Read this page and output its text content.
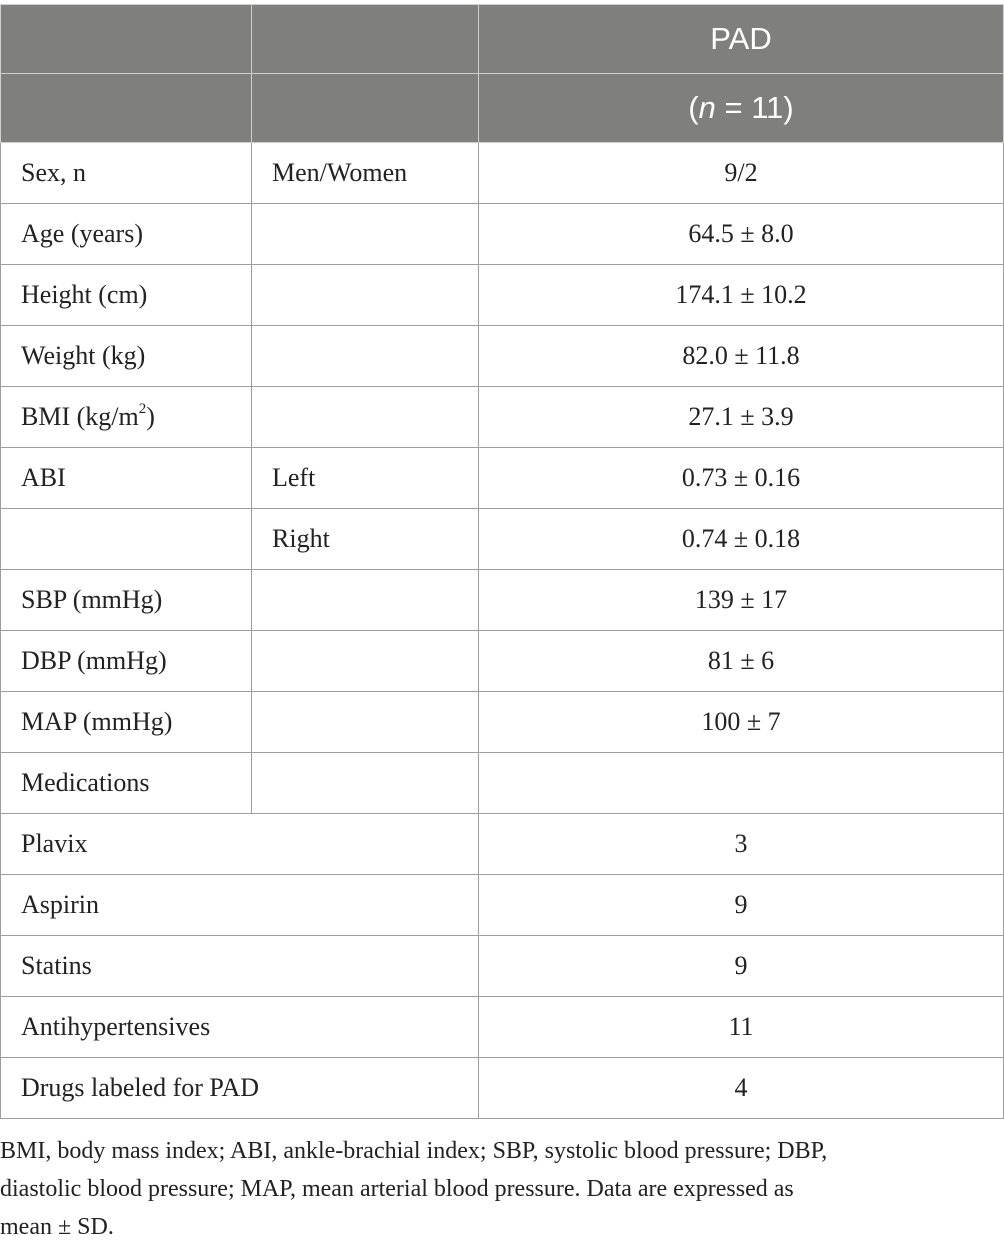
		PAD
		(n = 11)
Sex, n	Men/Women	9/2
Age (years)		64.5 ± 8.0
Height (cm)		174.1 ± 10.2
Weight (kg)		82.0 ± 11.8
BMI $(kg/m^2)$		27.1 ± 3.9
ABI	Left	0.73 ± 0.16
	Right	0.74 ± 0.18
SBP (mmHg)		139 ± 17
DBP (mmHg)		81 ± 6
MAP (mmHg)		100 ± 7
Medications		
Plavix		3
Aspirin		9
Statins		9
Antihypertensives		11
Drugs labeled for PAD		4
BMI, body mass index; ABI, ankle-brachial index; SBP, systolic blood pressure; DBP,
diastolic blood pressure; MAP, mean arterial blood pressure. Data are expressed as
mean ± SD.
